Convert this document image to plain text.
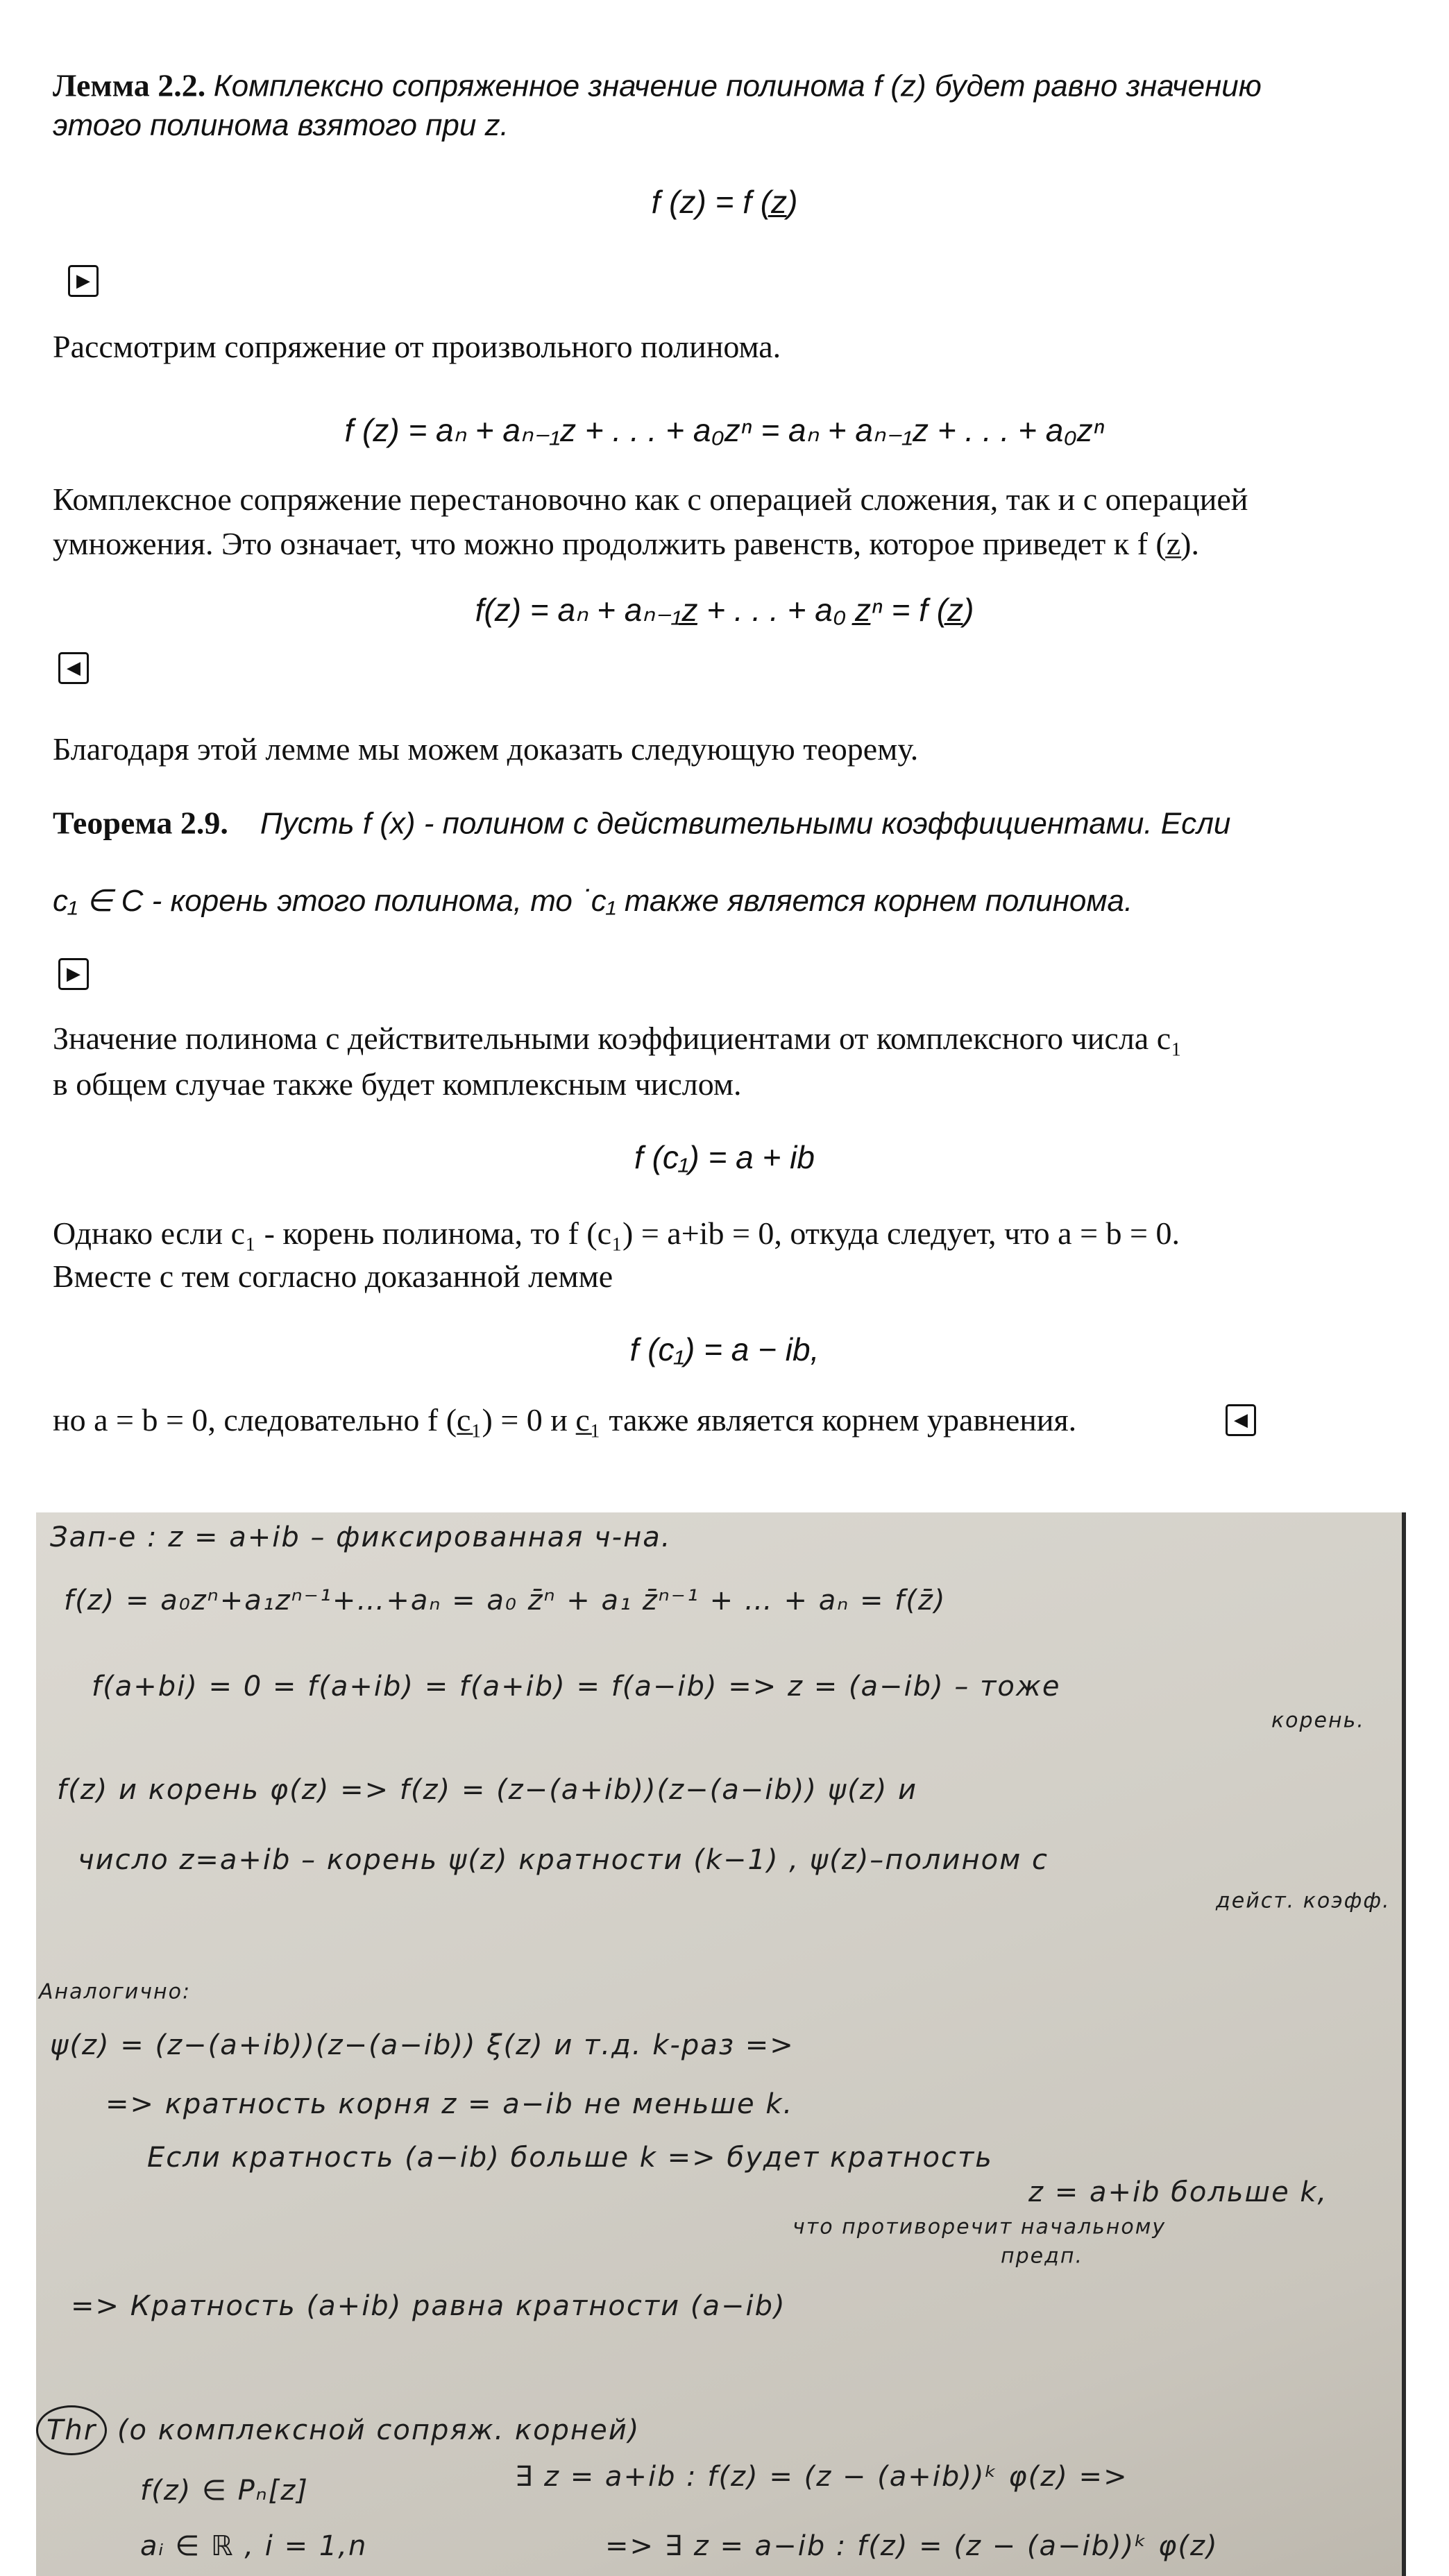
Лемма 2.2. Комплексно сопряженное значение полинома f (z) будет равно значению
этого полинома взятого при z.
f (z) = f (z̲)
▶
Рассмотрим сопряжение от произвольного полинома.
f (z) = aₙ + aₙ₋₁z + . . . + a₀zⁿ = aₙ + aₙ₋₁z + . . . + a₀zⁿ
Комплексное сопряжение перестановочно как с операцией сложения, так и с операцией
умножения. Это означает, что можно продолжить равенств, которое приведет к f (z̲).
f(z) = aₙ + aₙ₋₁z̲ + . . . + a₀ z̲ⁿ = f (z̲)
◀
Благодаря этой лемме мы можем доказать следующую теорему.
Теорема 2.9. Пусть f (x) - полином с действительными коэффициентами. Если
c₁ ∈ C - корень этого полинома, то ˙c₁ также является корнем полинома.
▶
Значение полинома с действительными коэффициентами от комплексного числа c₁
в общем случае также будет комплексным числом.
f (c₁) = a + ib
Однако если c₁ - корень полинома, то f (c₁) = a+ib = 0, откуда следует, что a = b = 0.
Вместе с тем согласно доказанной лемме
f (c₁) = a − ib,
но a = b = 0, следовательно f (c̲₁) = 0 и c̲₁ также является корнем уравнения.	◀
Зап-е : z = a+ib – фиксированная ч-на.
f(z) = a₀zⁿ+a₁zⁿ⁻¹+…+aₙ = a₀ z̄ⁿ + a₁ z̄ⁿ⁻¹ + … + aₙ = f(z̄)
f(a+bi) = 0 = f(a+ib) = f(a+ib) = f(a−ib) => z = (a−ib) – тоже
корень.
f(z) и корень φ(z) => f(z) = (z−(a+ib))(z−(a−ib)) ψ(z) и
число z=a+ib – корень ψ(z) кратности (k−1) , ψ(z)–полином с
дейст. коэфф.
Аналогично:
ψ(z) = (z−(a+ib))(z−(a−ib)) ξ(z) и т.д. k-раз =>
=> кратность корня z = a−ib не меньше k.
Если кратность (a−ib) больше k => будет кратность
z = a+ib больше k,
что противоречит начальному
предп.
=> Кратность (a+ib) равна кратности (a−ib)
Thr (о комплексной сопряж. корней)
f(z) ∈ Pₙ[z]	∃ z = a+ib : f(z) = (z − (a+ib))ᵏ φ(z) =>
aᵢ ∈ ℝ , i = 1,n	=> ∃ z = a−ib : f(z) = (z − (a−ib))ᵏ φ(z)
